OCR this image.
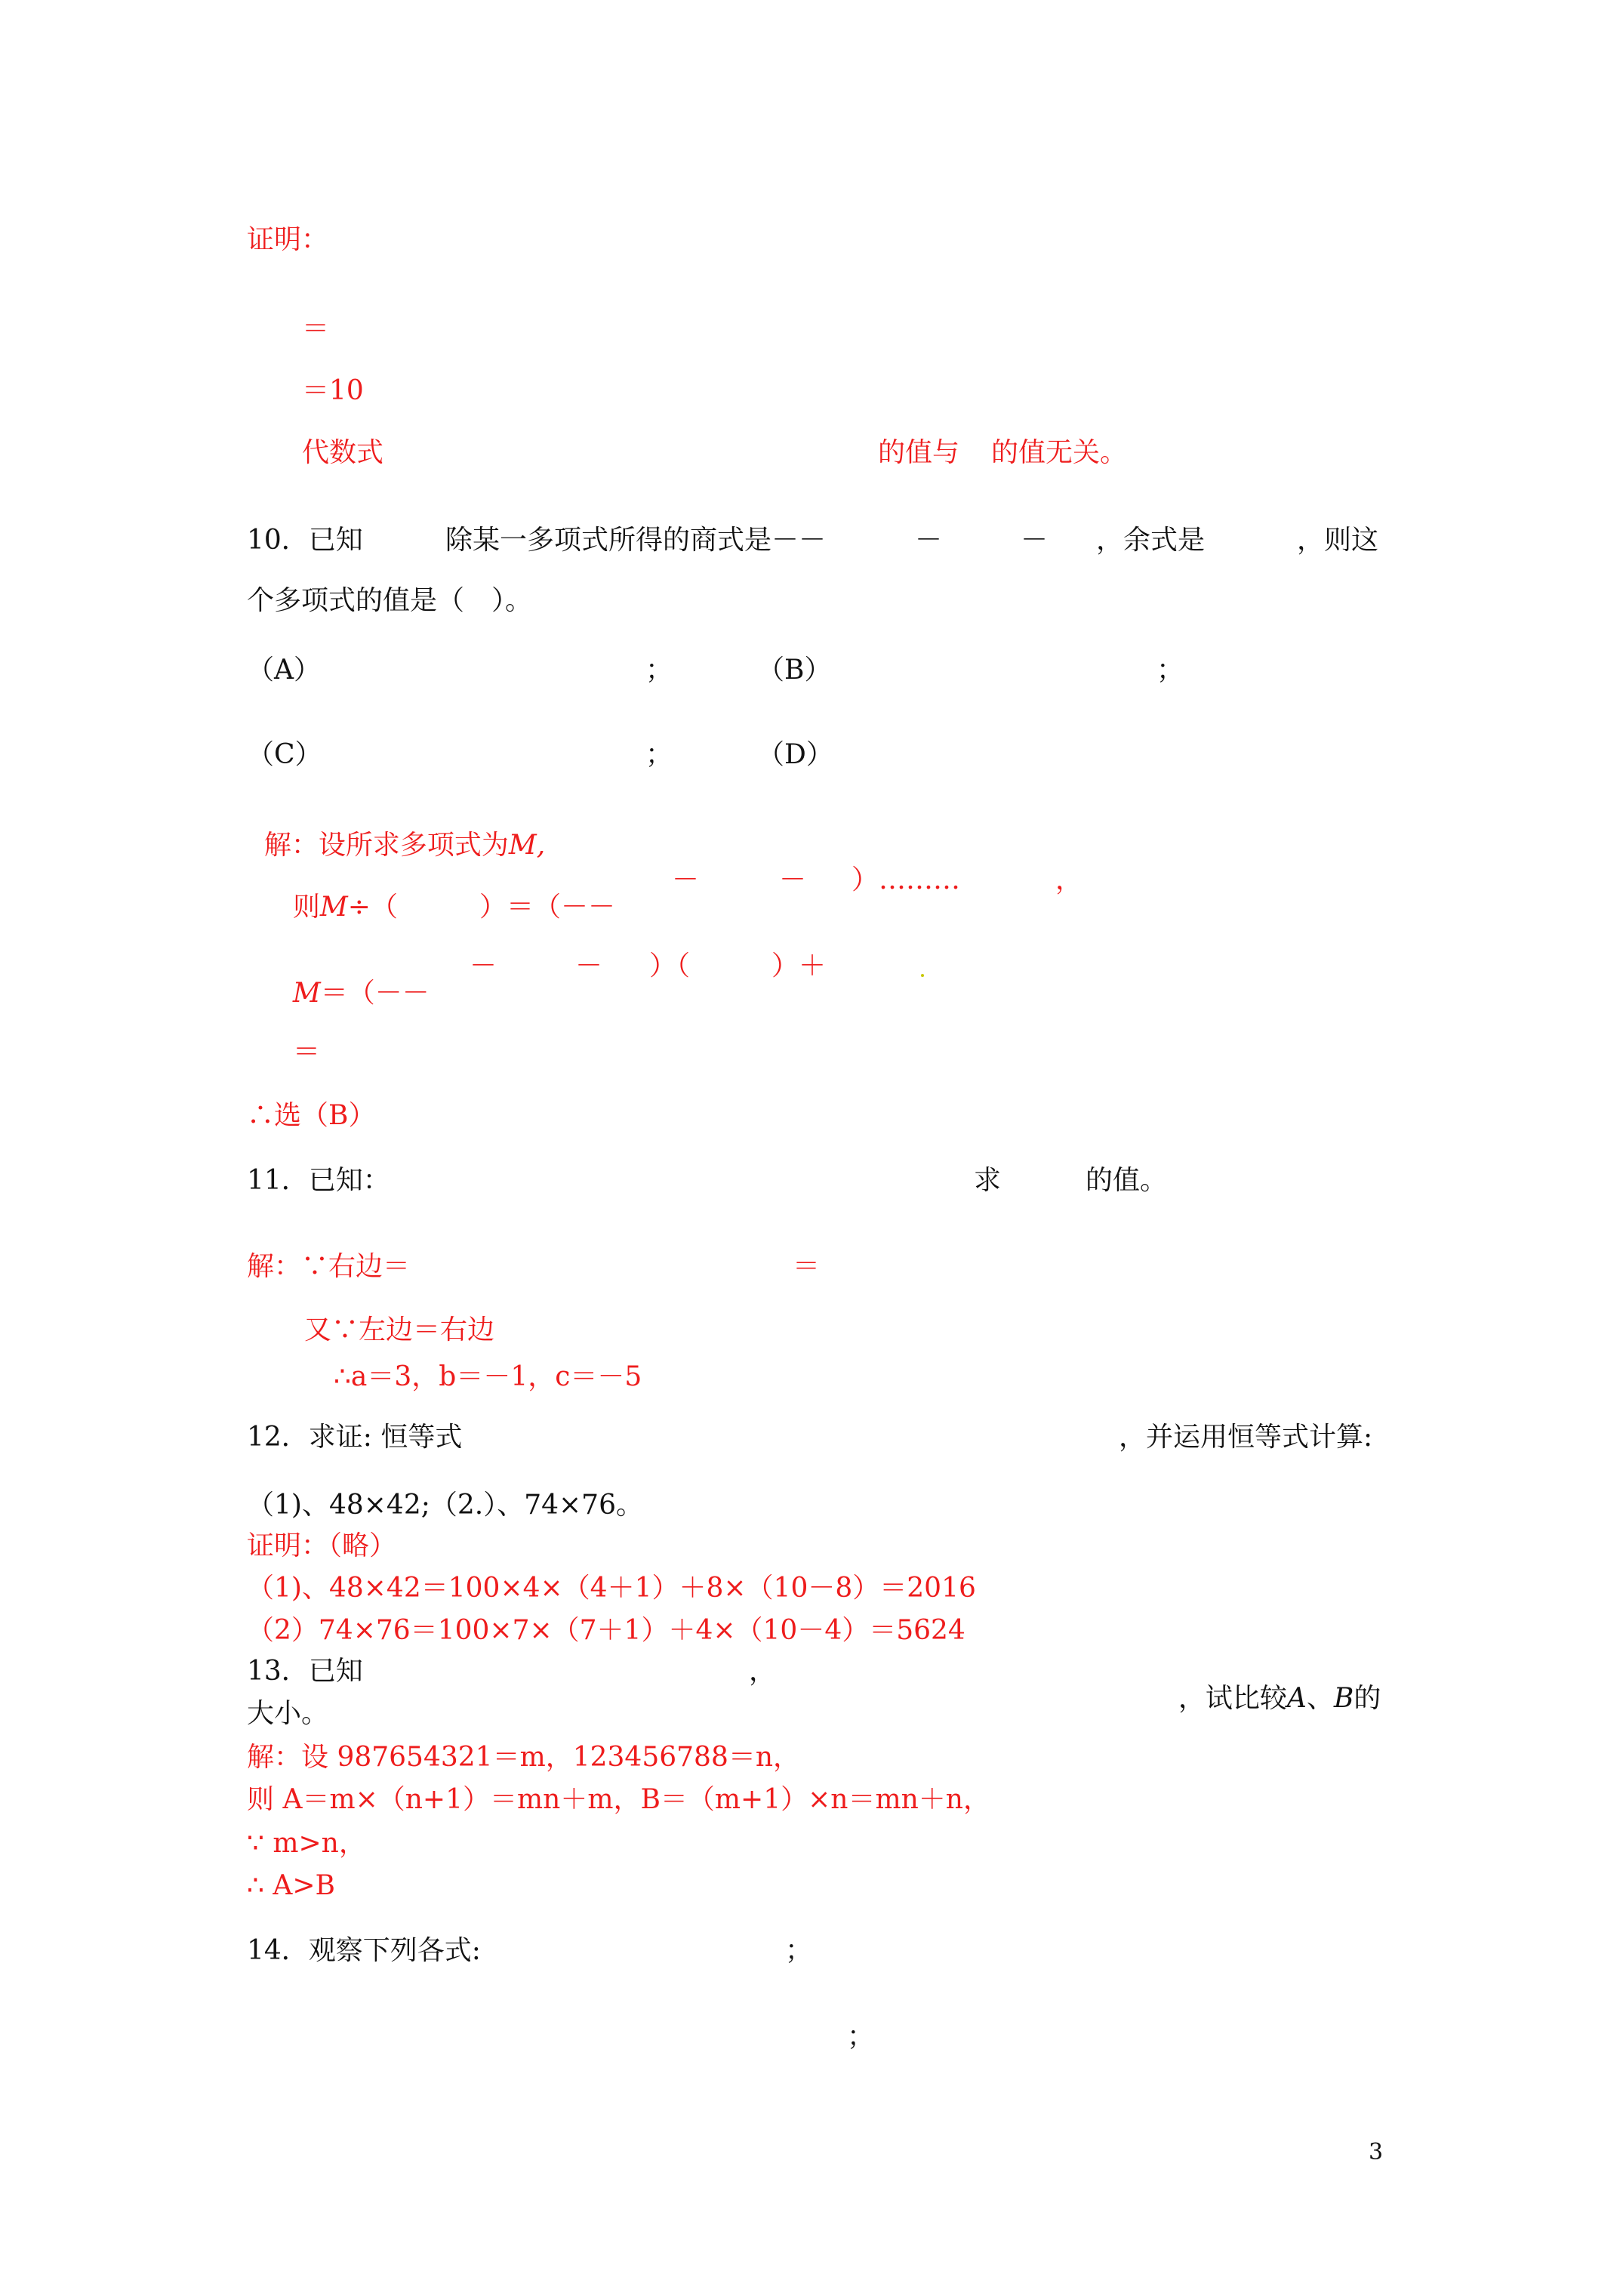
证明：
＝
＝10
代数式	的值与 的值无关。
10．已知	除某一多项式所得的商式是－－	－	－ ，余式是	，则这
个多项式的值是（　）。
（A）	；	（B）	；
（C）	；	（D）

解：设所求多项式为M,

则M÷（　　　）＝（－－

－	－ ）………	，

M＝（－－

－	－ ）（　　　）＋
＝
∴选（B）
11．已知：	求	的值。
解：∵右边＝	＝
又∵左边＝右边
∴a＝3，b＝－1，c＝－5
12．求证: 恒等式	，并运用恒等式计算:
（1)、48×42;（2.）、74×76。
证明：（略）
（1)、48×42＝100×4×（4＋1）＋8×（10－8）＝2016
（2）74×76＝100×7×（7＋1）＋4×（10－4）＝5624
13．已知	，

，试比较A、B的

大小。
解：设 987654321＝m，123456788＝n，
则 A＝m×（n+1）＝mn＋m，B＝（m+1）×n＝mn＋n，
∵ m>n，
∴ A>B
14．观察下列各式:	；
；
3
